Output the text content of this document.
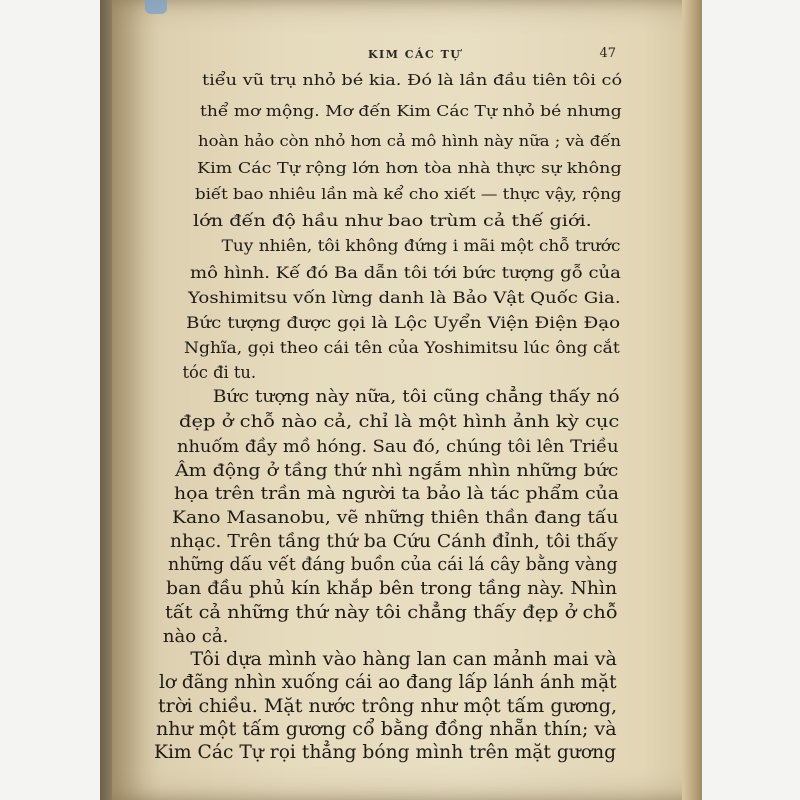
KIM CÁC TỰ	47
tiểu vũ trụ nhỏ bé kia. Đó là lần đầu tiên tôi có
thể mơ mộng. Mơ đến Kim Các Tự nhỏ bé nhưng
hoàn hảo còn nhỏ hơn cả mô hình này nữa ; và đến
Kim Các Tự rộng lớn hơn tòa nhà thực sự không
biết bao nhiêu lần mà kể cho xiết — thực vậy, rộng
lớn đến độ hầu như bao trùm cả thế giới.
Tuy nhiên, tôi không đứng i mãi một chỗ trước
mô hình. Kế đó Ba dẫn tôi tới bức tượng gỗ của
Yoshimitsu vốn lừng danh là Bảo Vật Quốc Gia.
Bức tượng được gọi là Lộc Uyển Viện Điện Đạo
Nghĩa, gọi theo cái tên của Yoshimitsu lúc ông cắt
tóc đi tu.
Bức tượng này nữa, tôi cũng chẳng thấy nó
đẹp ở chỗ nào cả, chỉ là một hình ảnh kỳ cục
nhuốm đầy mồ hóng. Sau đó, chúng tôi lên Triều
Âm động ở tầng thứ nhì ngắm nhìn những bức
họa trên trần mà người ta bảo là tác phẩm của
Kano Masanobu, vẽ những thiên thần đang tấu
nhạc. Trên tầng thứ ba Cứu Cánh đỉnh, tôi thấy
những dấu vết đáng buồn của cái lá cây bằng vàng
ban đầu phủ kín khắp bên trong tầng này. Nhìn
tất cả những thứ này tôi chẳng thấy đẹp ở chỗ
nào cả.
Tôi dựa mình vào hàng lan can mảnh mai và
lơ đãng nhìn xuống cái ao đang lấp lánh ánh mặt
trời chiều. Mặt nước trông như một tấm gương,
như một tấm gương cổ bằng đồng nhẵn thín; và
Kim Các Tự rọi thẳng bóng mình trên mặt gương
